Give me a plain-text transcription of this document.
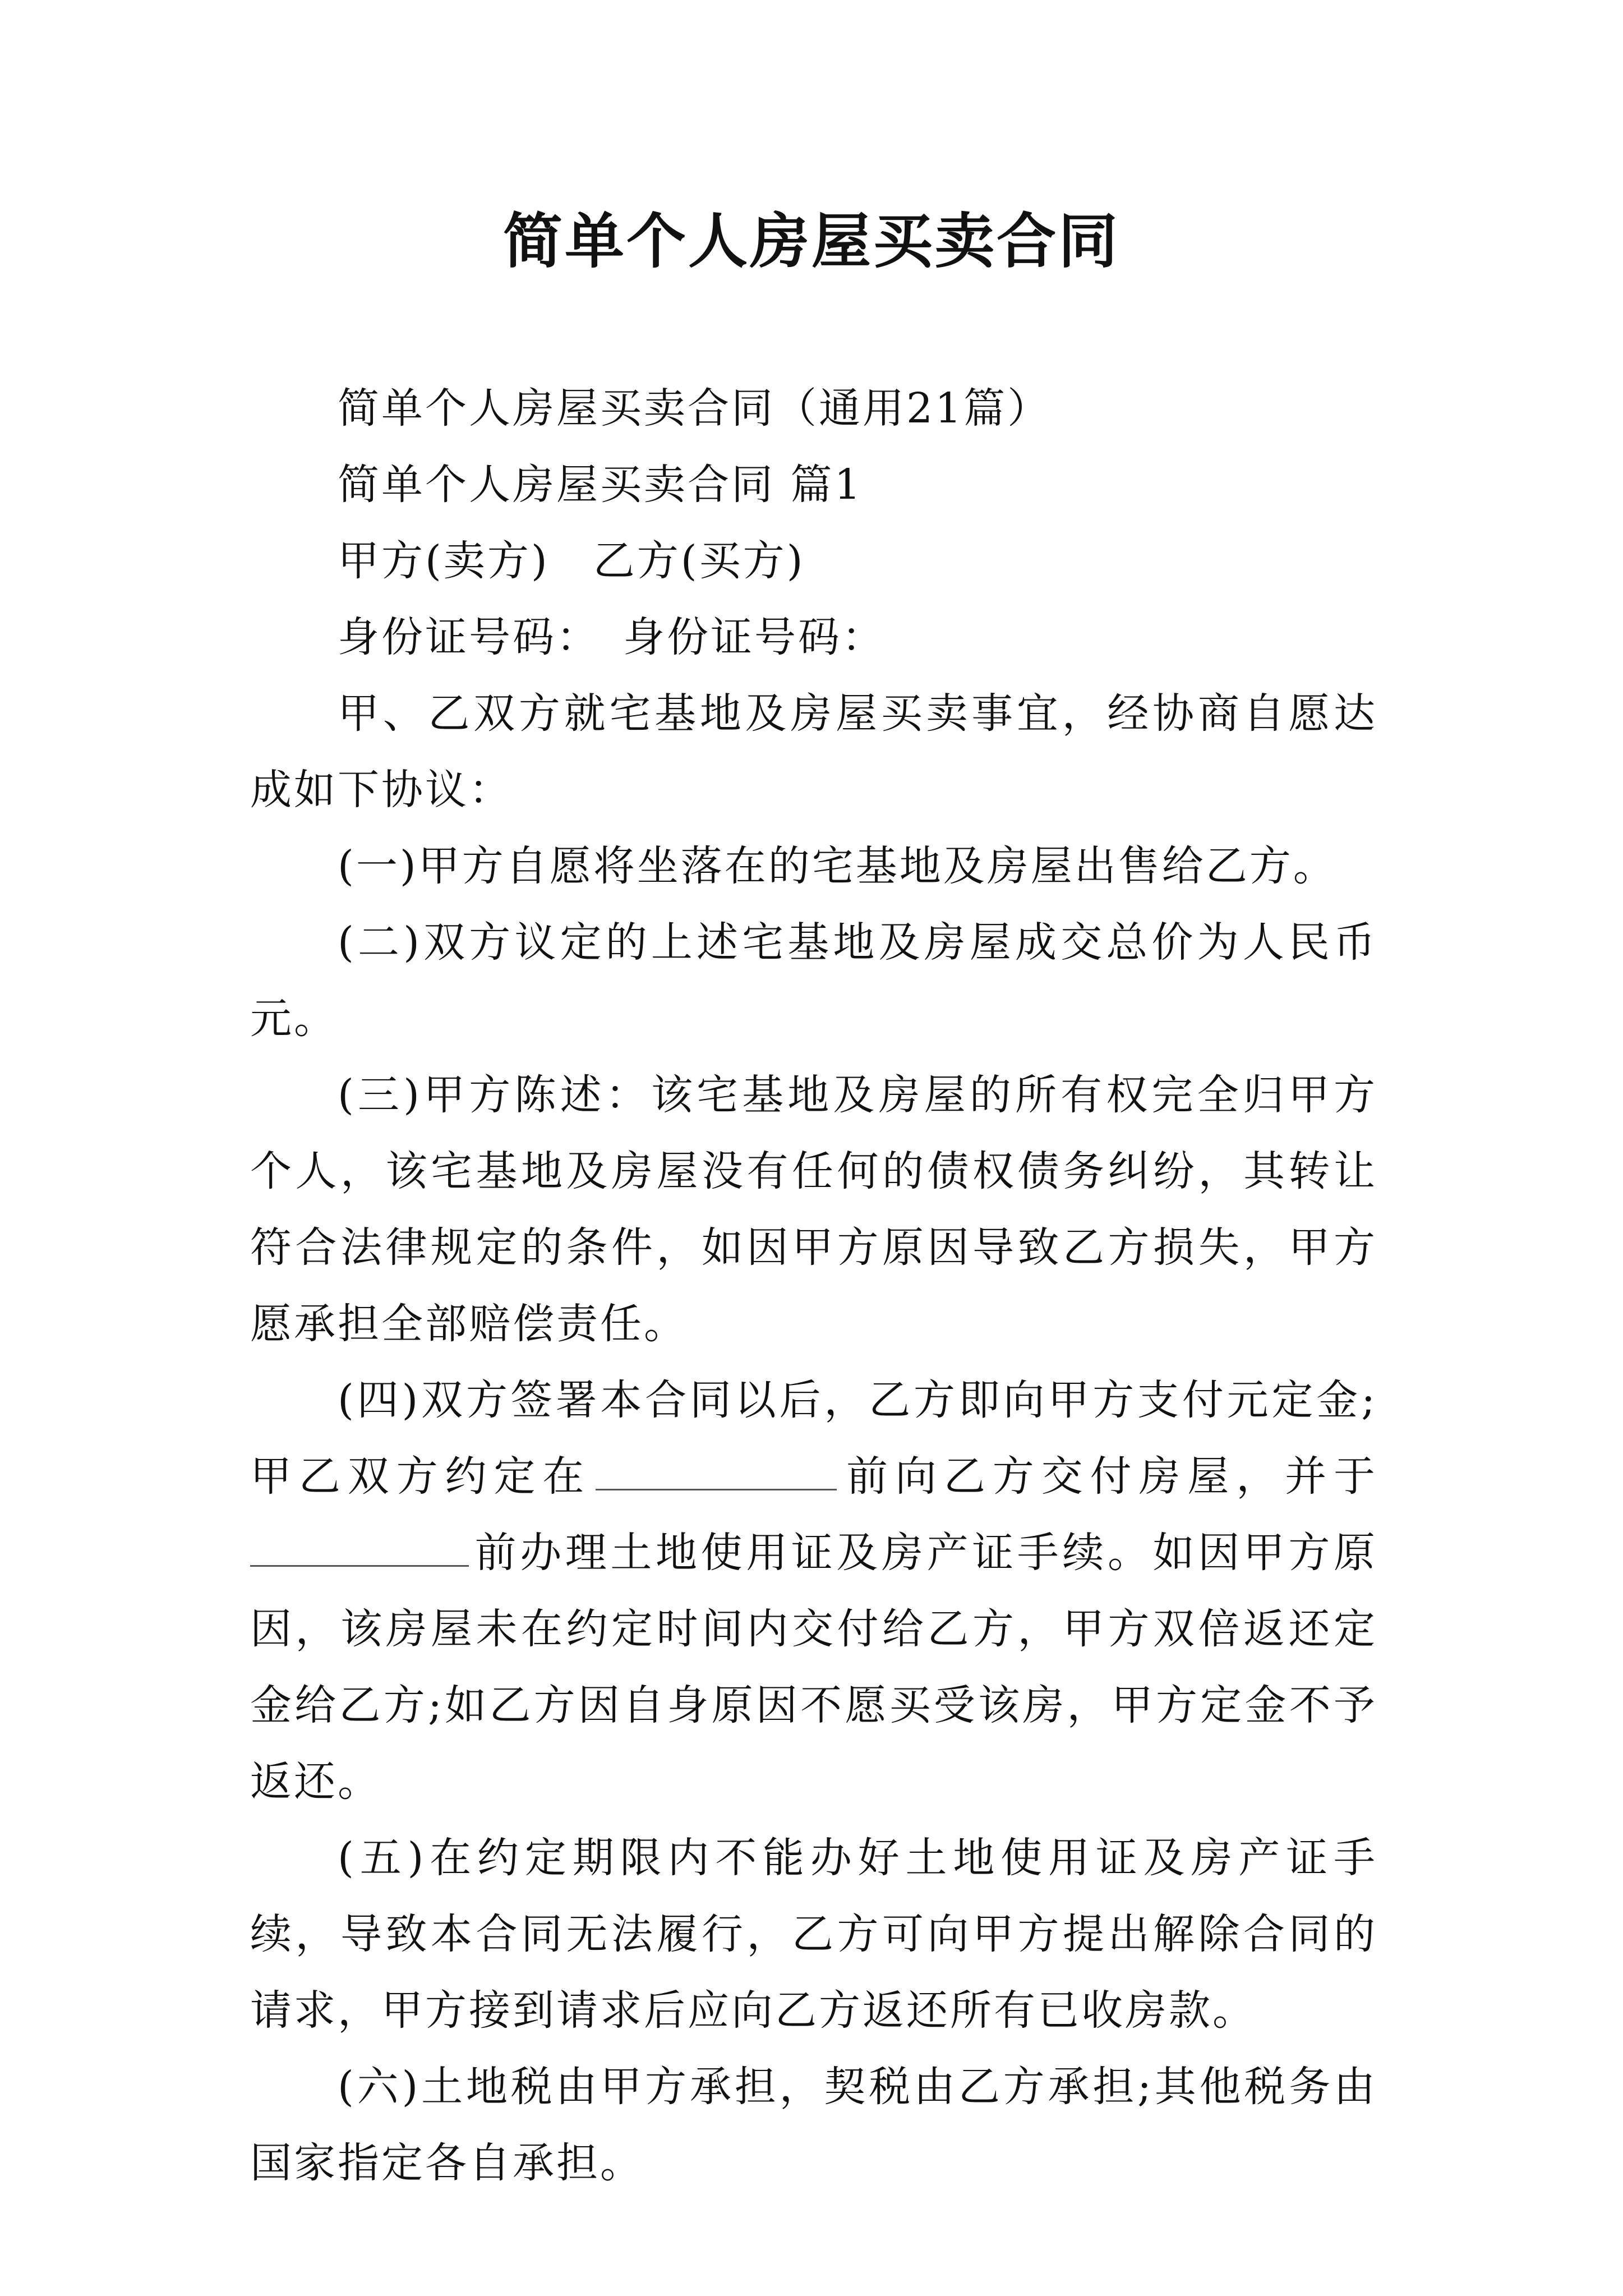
简单个人房屋买卖合同

简单个人房屋买卖合同（通用21篇）

简单个人房屋买卖合同 篇1

甲方(卖方)　乙方(买方)

身份证号码：　身份证号码：

甲、乙双方就宅基地及房屋买卖事宜，经协商自愿达成如下协议：

(一)甲方自愿将坐落在的宅基地及房屋出售给乙方。

(二)双方议定的上述宅基地及房屋成交总价为人民币元。

(三)甲方陈述：该宅基地及房屋的所有权完全归甲方个人，该宅基地及房屋没有任何的债权债务纠纷，其转让符合法律规定的条件，如因甲方原因导致乙方损失，甲方愿承担全部赔偿责任。

(四)双方签署本合同以后，乙方即向甲方支付元定金;甲乙双方约定在	前向乙方交付房屋，并于前办理土地使用证及房产证手续。如因甲方原因，该房屋未在约定时间内交付给乙方，甲方双倍返还定金给乙方;如乙方因自身原因不愿买受该房，甲方定金不予返还。

(五)在约定期限内不能办好土地使用证及房产证手续，导致本合同无法履行，乙方可向甲方提出解除合同的请求，甲方接到请求后应向乙方返还所有已收房款。

(六)土地税由甲方承担，契税由乙方承担;其他税务由国家指定各自承担。
